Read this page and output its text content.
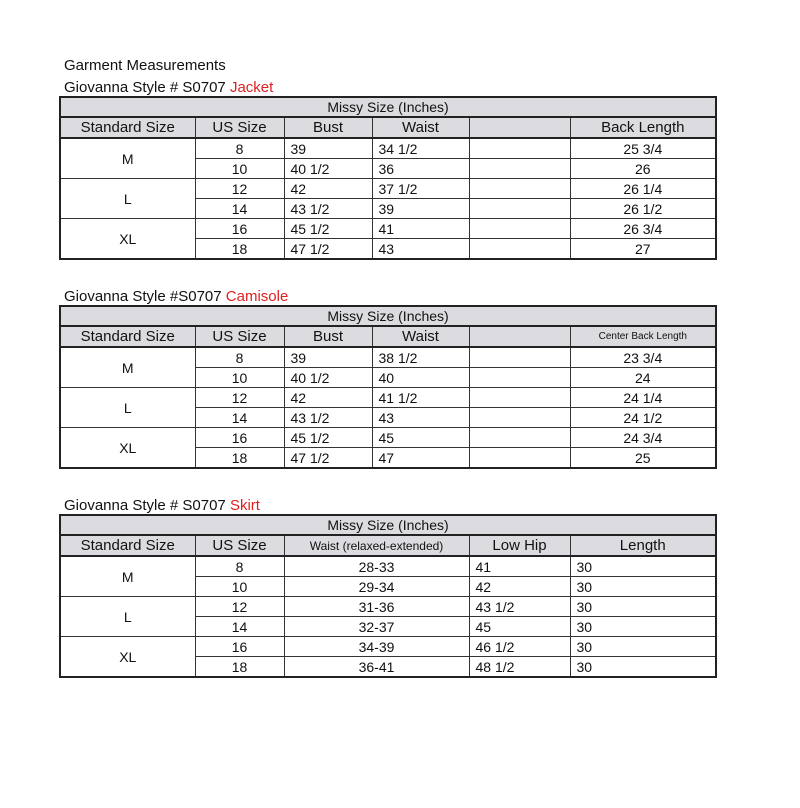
Garment Measurements
Giovanna Style # S0707 Jacket
Missy Size (Inches)					
Standard Size	US Size	Bust	Waist		Back Length
M	8	39	34 1/2		25 3/4
	10	40 1/2	36		26
L	12	42	37 1/2		26 1/4
	14	43 1/2	39		26 1/2
XL	16	45 1/2	41		26 3/4
	18	47 1/2	43		27
Giovanna Style #S0707 Camisole
Missy Size (Inches)					
Standard Size	US Size	Bust	Waist		Center Back Length
M	8	39	38 1/2		23 3/4
	10	40 1/2	40		24
L	12	42	41 1/2		24 1/4
	14	43 1/2	43		24 1/2
XL	16	45 1/2	45		24 3/4
	18	47 1/2	47		25
Giovanna Style # S0707 Skirt
Missy Size (Inches)				
Standard Size	US Size	Waist (relaxed-extended)	Low Hip	Length
M	8	28-33	41	30
	10	29-34	42	30
L	12	31-36	43 1/2	30
	14	32-37	45	30
XL	16	34-39	46 1/2	30
	18	36-41	48 1/2	30
